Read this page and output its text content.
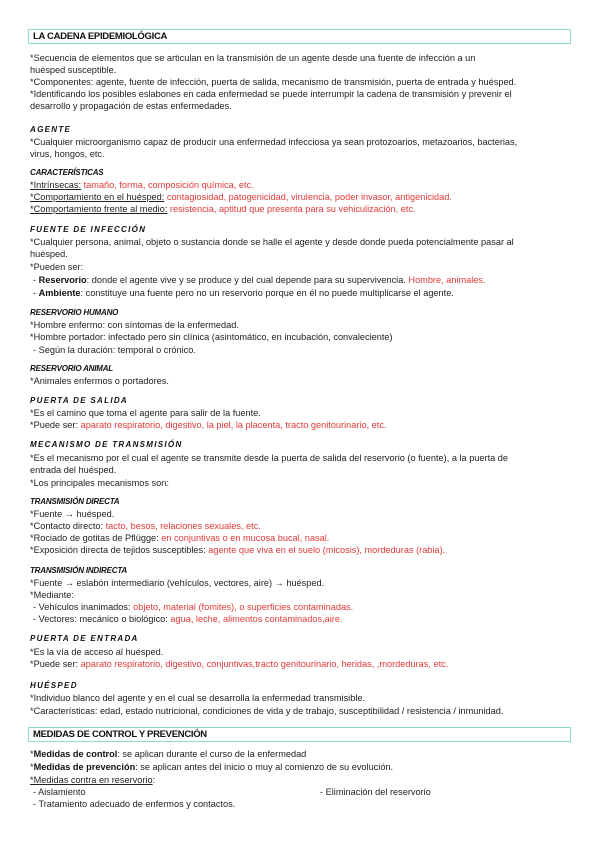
LA CADENA EPIDEMIOLÓGICA
*Secuencia de elementos que se articulan en la transmisión de un agente desde una fuente de infección a un
huésped susceptible.
*Componentes: agente, fuente de infección, puerta de salida, mecanismo de transmisión, puerta de entrada y huésped.
*Identificando los posibles eslabones en cada enfermedad se puede interrumpir la cadena de transmisión y prevenir el
desarrollo y propagación de estas enfermedades.
AGENTE
*Cualquier microorganismo capaz de producir una enfermedad infecciosa ya sean protozoarios, metazoarios, bacterias,
virus, hongos, etc.
CARACTERÍSTICAS
*Intrínsecas: tamaño, forma, composición química, etc.
*Comportamiento en el huésped: contagiosidad, patogenicidad, virulencia, poder invasor, antigenicidad.
*Comportamiento frente al medio: resistencia, aptitud que presenta para su vehiculización, etc.
FUENTE DE INFECCIÓN
*Cualquier persona, animal, objeto o sustancia donde se halle el agente y desde donde pueda potencialmente pasar al
huésped.
*Pueden ser:
- Reservorio: donde el agente vive y se produce y del cual depende para su supervivencia. Hombre, animales.
- Ambiente: constituye una fuente pero no un reservorio porque en él no puede multiplicarse el agente.
RESERVORIO HUMANO
*Hombre enfermo: con síntomas de la enfermedad.
*Hombre portador: infectado pero sin clínica (asintomático, en incubación, convaleciente)
- Según la duración: temporal o crónico.
RESERVORIO ANIMAL
*Animales enfermos o portadores.
PUERTA DE SALIDA
*Es el camino que toma el agente para salir de la fuente.
*Puede ser: aparato respiratorio, digestivo, la piel, la placenta, tracto genitourinario, etc.
MECANISMO DE TRANSMISIÓN
*Es el mecanismo por el cual el agente se transmite desde la puerta de salida del reservorio (o fuente), a la puerta de
entrada del huésped.
*Los principales mecanismos son:
TRANSMISIÓN DIRECTA
*Fuente → huésped.
*Contacto directo: tacto, besos, relaciones sexuales, etc.
*Rociado de gotitas de Pflügge: en conjuntivas o en mucosa bucal, nasal.
*Exposición directa de tejidos susceptibles: agente que viva en el suelo (micosis), mordeduras (rabia).
TRANSMISIÓN INDIRECTA
*Fuente → eslabón intermediario (vehículos, vectores, aire) → huésped.
*Mediante:
- Vehículos inanimados: objeto, material (fomites), o superficies contaminadas.
- Vectores: mecánico o biológico: agua, leche, alimentos contaminados,aire.
PUERTA DE ENTRADA
*Es la vía de acceso al huésped.
*Puede ser: aparato respiratorio, digestivo, conjuntivas,tracto genitourinario, heridas, ,mordeduras, etc.
HUÉSPED
*Individuo blanco del agente y en el cual se desarrolla la enfermedad transmisible.
*Características: edad, estado nutricional, condiciones de vida y de trabajo, susceptibilidad / resistencia / inmunidad.
MEDIDAS DE CONTROL Y PREVENCIÓN
*Medidas de control: se aplican durante el curso de la enfermedad
*Medidas de prevención: se aplican antes del inicio o muy al comienzo de su evolución.
*Medidas contra en reservorio:
- Aislamiento	- Eliminación del reservorio
- Tratamiento adecuado de enfermos y contactos.
